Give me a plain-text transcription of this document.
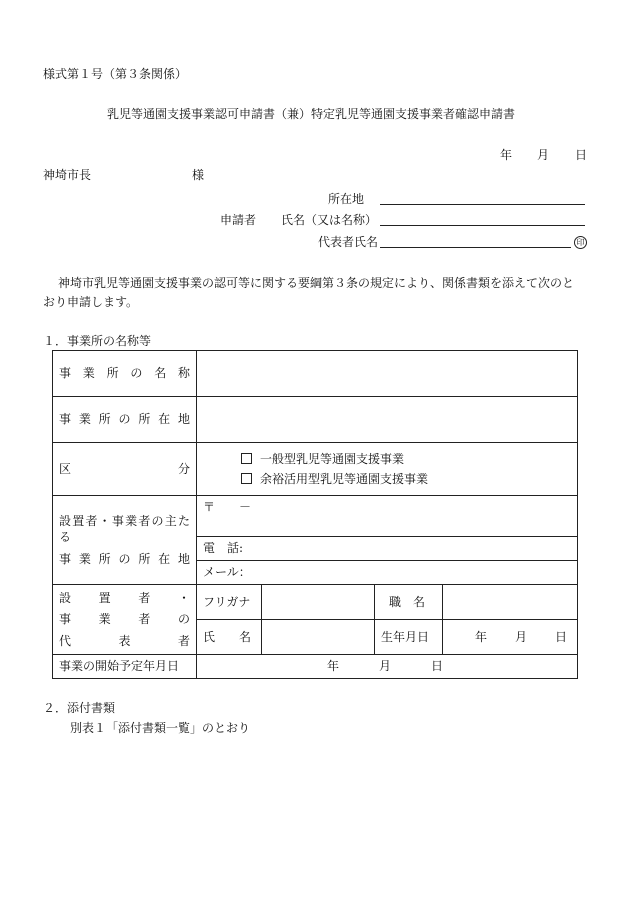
様式第１号（第３条関係）
乳児等通園支援事業認可申請書（兼）特定乳児等通園支援事業者確認申請書
年 月 日
神埼市長	様
所在地
申請者 氏名（又は名称）
代表者氏名	印
神埼市乳児等通園支援事業の認可等に関する要綱第３条の規定により、関係書類を添えて次のと
おり申請します。
１．事業所の名称等
事業所の名称				

事業所の所在地				

区 分	一般型乳児等通園支援事業
余裕活用型乳児等通園支援事業			

設置者・事業者の主たる
事業所の所在地	〒　　－			
	電　話:			
	メール：			

設置者・
事業者の
代表者	フリガナ		職　名	
	氏　　名		生年月日	年 月 日
事業の開始予定年月日	年 月 日			
２．添付書類
別表１「添付書類一覧」のとおり
